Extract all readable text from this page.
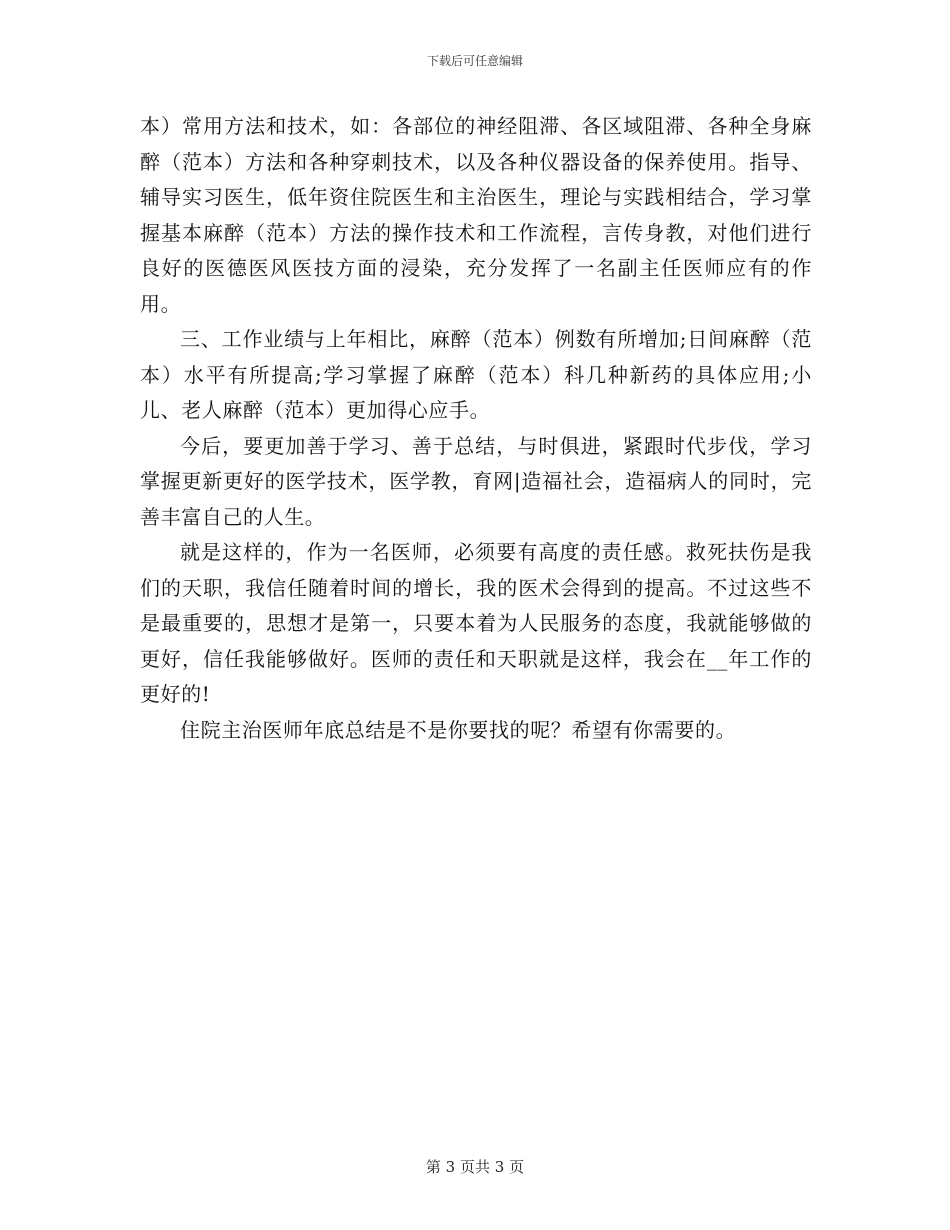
下载后可任意编辑

本）常用方法和技术，如：各部位的神经阻滞、各区域阻滞、各种全身麻醉（范本）方法和各种穿刺技术，以及各种仪器设备的保养使用。指导、辅导实习医生，低年资住院医生和主治医生，理论与实践相结合，学习掌握基本麻醉（范本）方法的操作技术和工作流程，言传身教，对他们进行良好的医德医风医技方面的浸染，充分发挥了一名副主任医师应有的作用。

三、工作业绩与上年相比，麻醉（范本）例数有所增加;日间麻醉（范本）水平有所提高;学习掌握了麻醉（范本）科几种新药的具体应用;小儿、老人麻醉（范本）更加得心应手。

今后，要更加善于学习、善于总结，与时俱进，紧跟时代步伐，学习掌握更新更好的医学技术，医学教，育网|造福社会，造福病人的同时，完善丰富自己的人生。

就是这样的，作为一名医师，必须要有高度的责任感。救死扶伤是我们的天职，我信任随着时间的增长，我的医术会得到的提高。不过这些不是最重要的，思想才是第一，只要本着为人民服务的态度，我就能够做的更好，信任我能够做好。医师的责任和天职就是这样，我会在__年工作的更好的!

住院主治医师年底总结是不是你要找的呢？希望有你需要的。

第 3 页共 3 页
